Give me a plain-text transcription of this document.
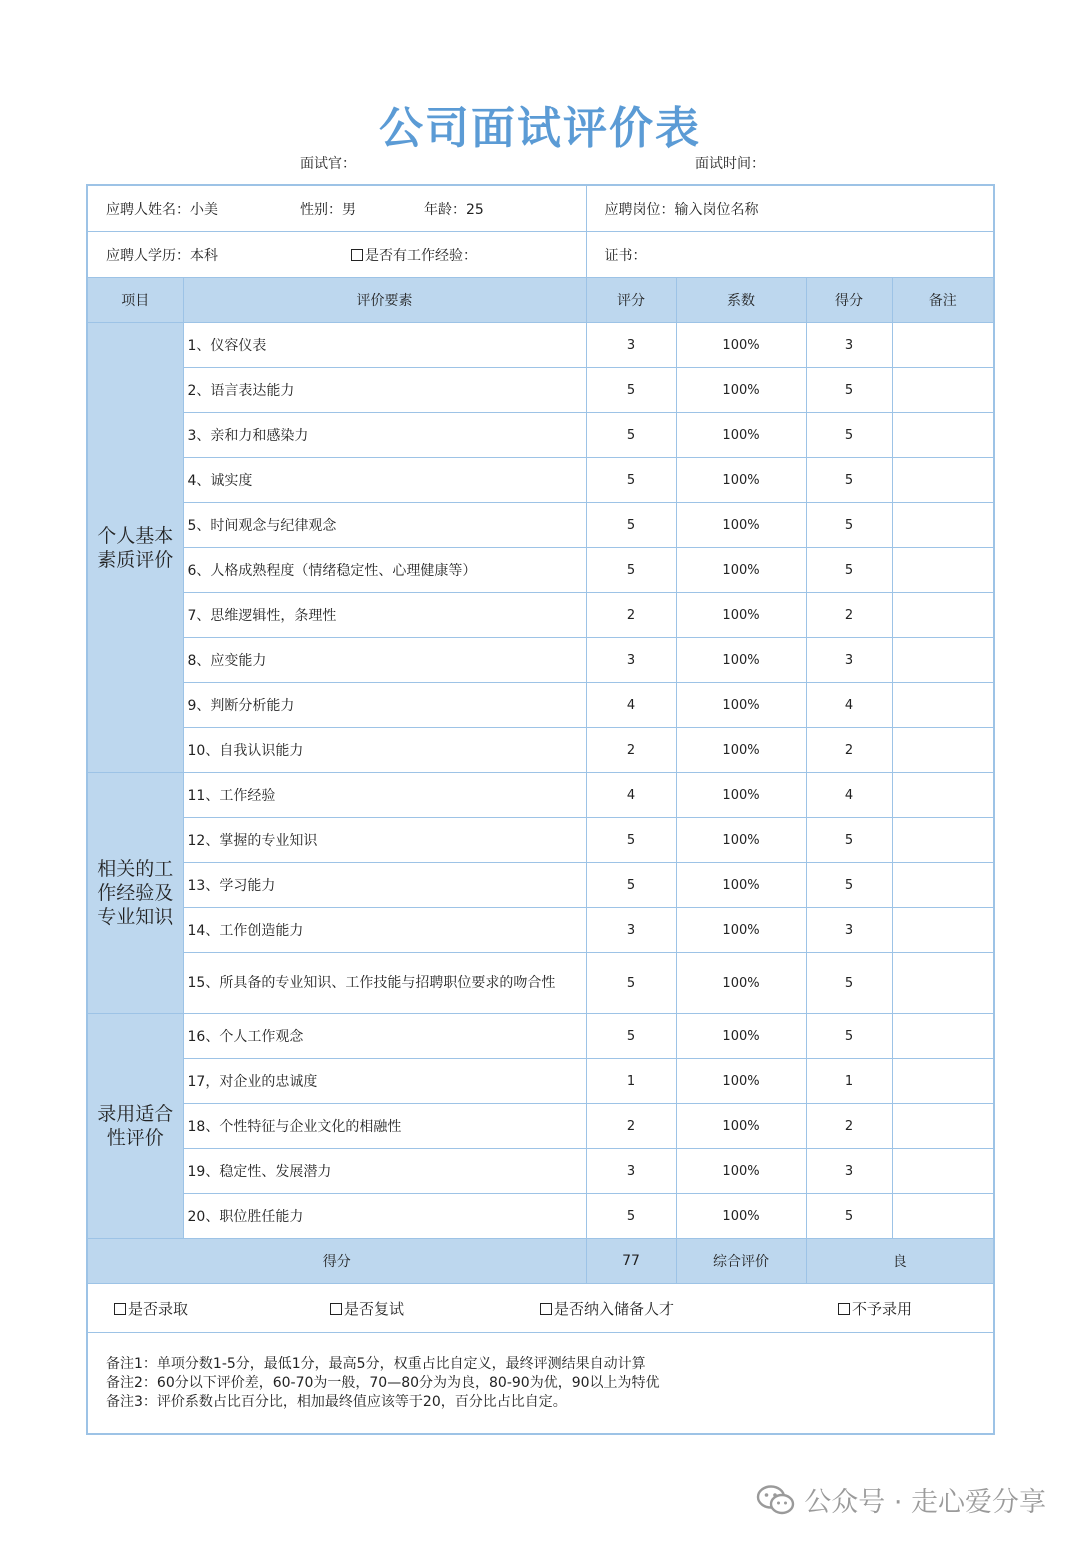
公司面试评价表
面试官：	面试时间：
应聘人姓名：小美 性别：男 年龄：25		应聘岗位：输入岗位名称			
应聘人学历：本科 是否有工作经验：		证书：			
项目	评价要素	评分	系数	得分	备注

个人基本
素质评价	1、仪容仪表	3	100%	3	
	2、语言表达能力	5	100%	5	
	3、亲和力和感染力	5	100%	5	
	4、诚实度	5	100%	5	
	5、时间观念与纪律观念	5	100%	5	
	6、人格成熟程度（情绪稳定性、心理健康等）	5	100%	5	
	7、思维逻辑性，条理性	2	100%	2	
	8、应变能力	3	100%	3	
	9、判断分析能力	4	100%	4	
	10、自我认识能力	2	100%	2	

相关的工
作经验及
专业知识	11、工作经验	4	100%	4	
	12、掌握的专业知识	5	100%	5	
	13、学习能力	5	100%	5	
	14、工作创造能力	3	100%	3	
	15、所具备的专业知识、工作技能与招聘职位要求的吻合性	5	100%	5	

录用适合
性评价	16、个人工作观念	5	100%	5	
	17，对企业的忠诚度	1	100%	1	
	18、个性特征与企业文化的相融性	2	100%	2	
	19、稳定性、发展潜力	3	100%	3	
	20、职位胜任能力	5	100%	5	
得分		77	综合评价	良	

是否录取 是否复试 是否纳入储备人才 不予录用					

备注1：单项分数1-5分，最低1分，最高5分，权重占比自定义，最终评测结果自动计算
备注2：60分以下评价差，60-70为一般，70—80分为为良，80-90为优，90以上为特优
备注3：评价系数占比百分比，相加最终值应该等于20，百分比占比自定。					
公众号 · 走心爱分享
